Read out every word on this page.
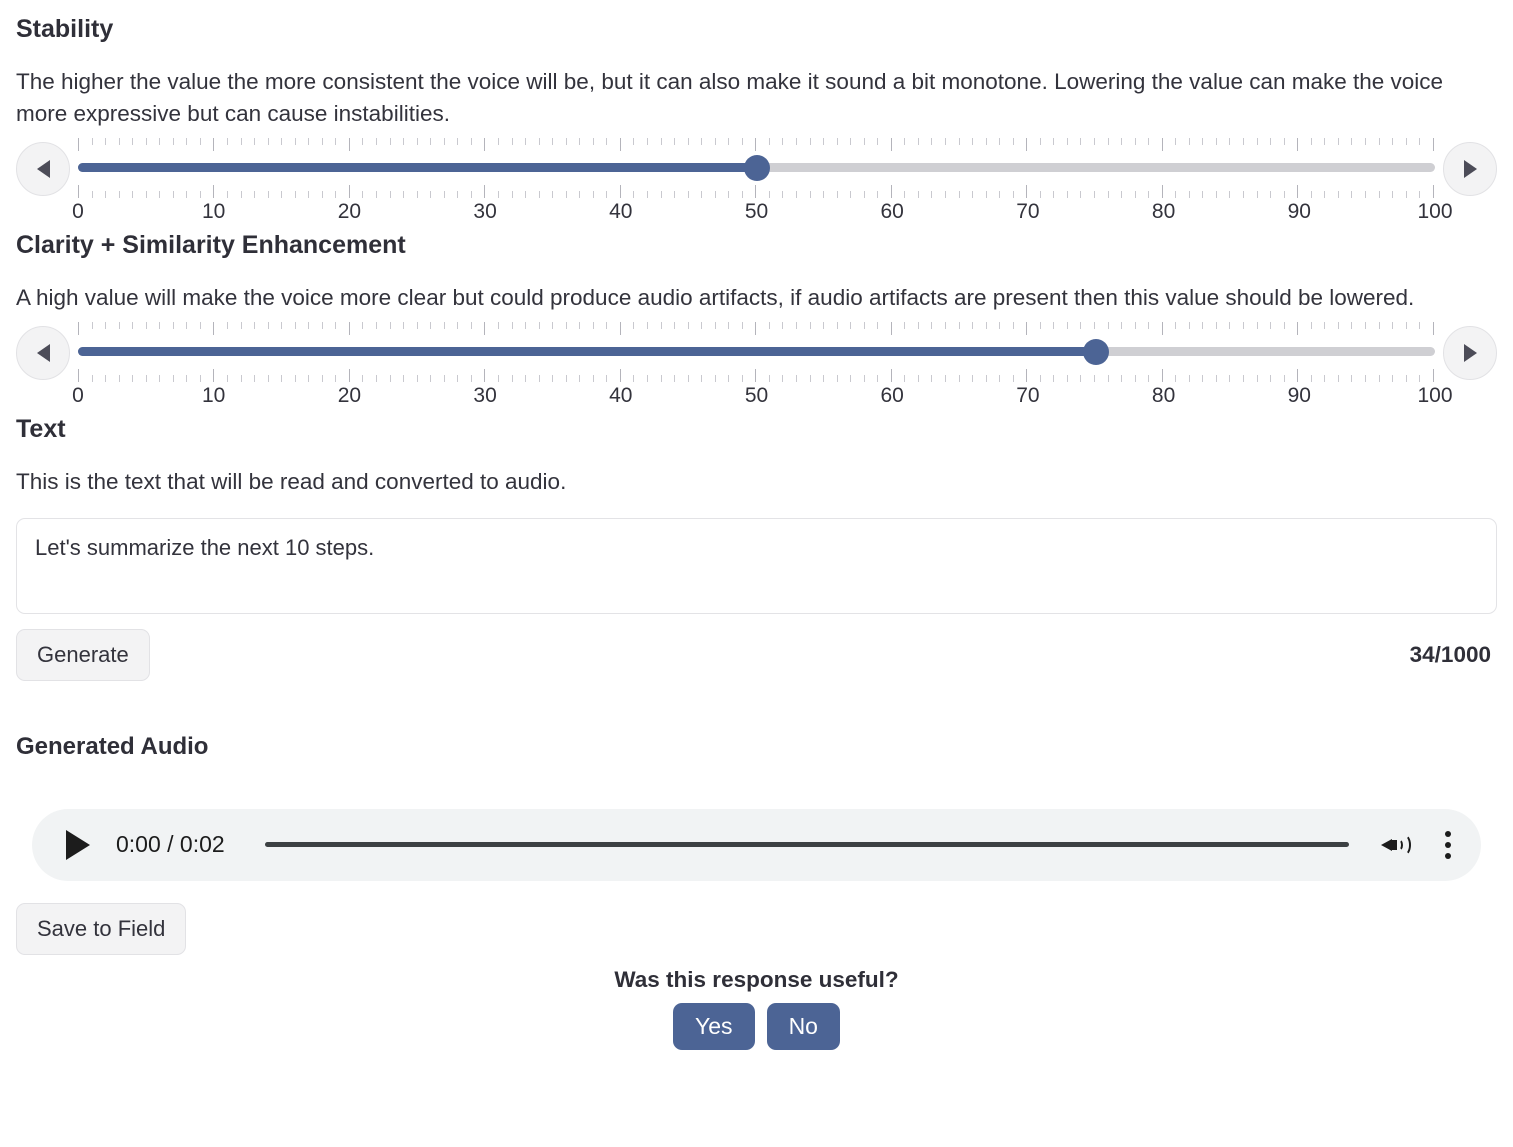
Stability
The higher the value the more consistent the voice will be, but it can also make it sound a bit monotone. Lowering the value can make the voice more expressive but can cause instabilities.
0	10	20	30	40	50	60	70	80	90	100
Clarity + Similarity Enhancement
A high value will make the voice more clear but could produce audio artifacts, if audio artifacts are present then this value should be lowered.
0	10	20	30	40	50	60	70	80	90	100
Text
This is the text that will be read and converted to audio.
Let's summarize the next 10 steps.
Generate	34/1000
Generated Audio
0:00 / 0:02
Save to Field
Was this response useful?
Yes	No
